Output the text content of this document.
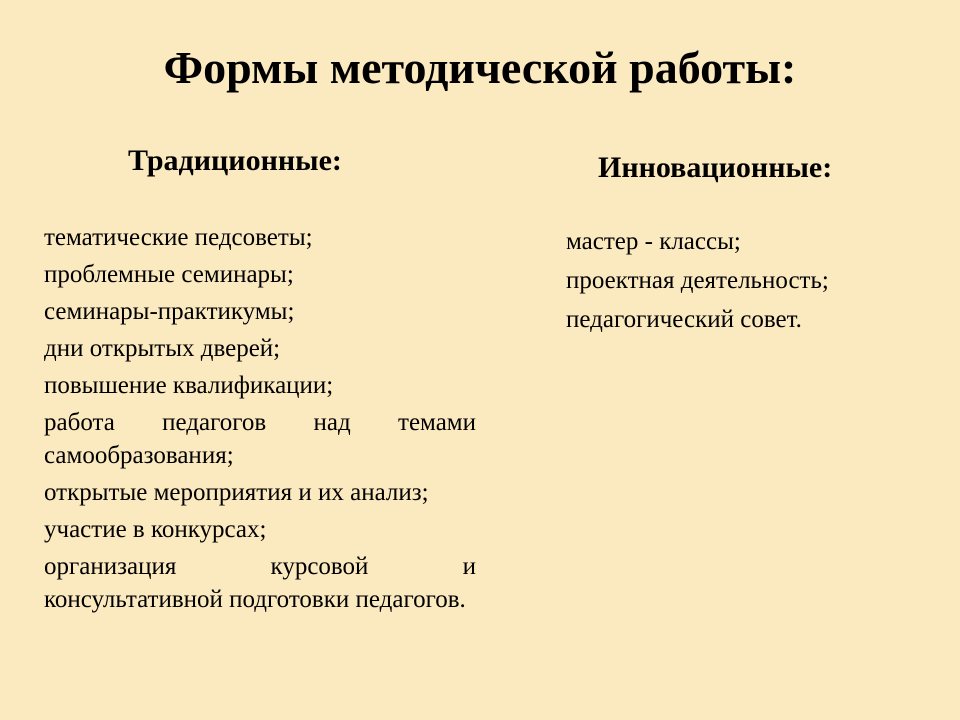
Формы методической работы:
Традиционные:	Инновационные:
тематические педсоветы;
проблемные семинары;
семинары-практикумы;
дни открытых дверей;
повышение квалификации;
работа педагогов над темами самообразования;
открытые мероприятия и их анализ;
участие в конкурсах;
организация курсовой и консультативной подготовки педагогов.
мастер - классы;
проектная деятельность;
педагогический совет.
